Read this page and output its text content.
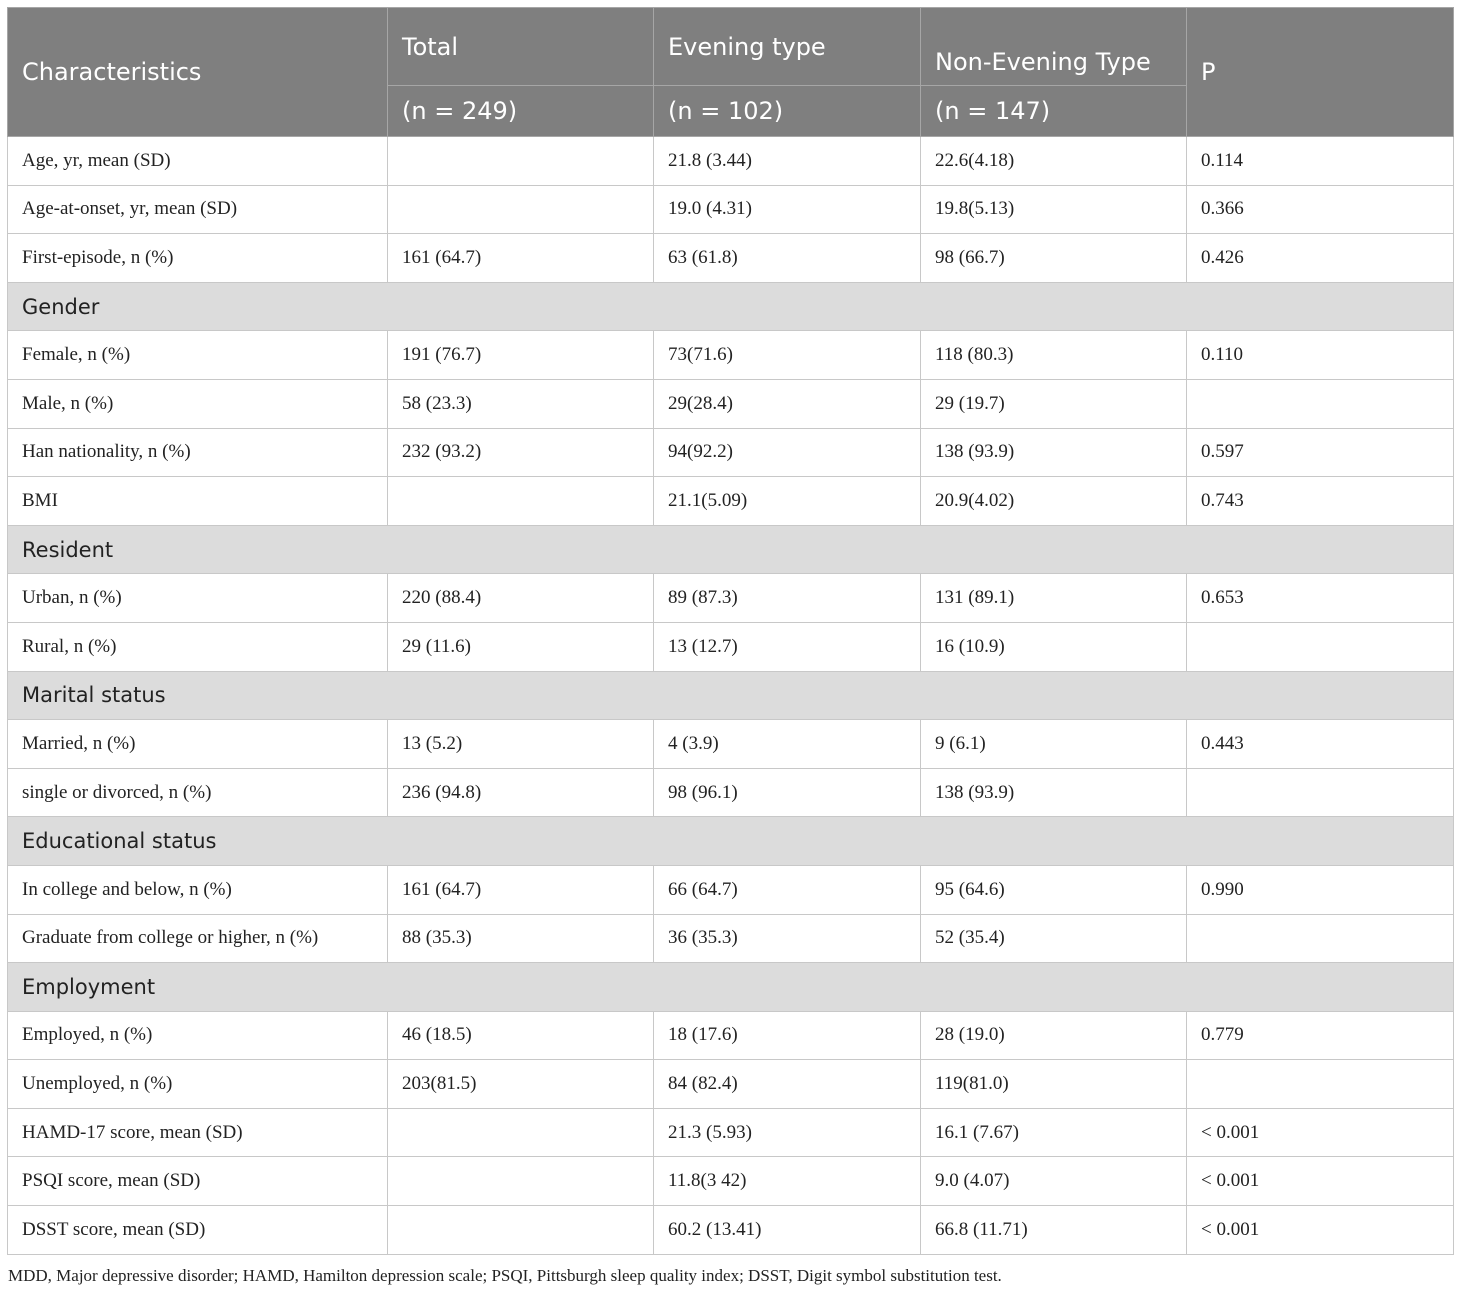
Characteristics	Total	Evening type	Non-Evening Type	P
	(n = 249)	(n = 102)	(n = 147)	
Age, yr, mean (SD)		21.8 (3.44)	22.6(4.18)	0.114
Age-at-onset, yr, mean (SD)		19.0 (4.31)	19.8(5.13)	0.366
First-episode, n (%)	161 (64.7)	63 (61.8)	98 (66.7)	0.426
Gender				
Female, n (%)	191 (76.7)	73(71.6)	118 (80.3)	0.110
Male, n (%)	58 (23.3)	29(28.4)	29 (19.7)	
Han nationality, n (%)	232 (93.2)	94(92.2)	138 (93.9)	0.597
BMI		21.1(5.09)	20.9(4.02)	0.743
Resident				
Urban, n (%)	220 (88.4)	89 (87.3)	131 (89.1)	0.653
Rural, n (%)	29 (11.6)	13 (12.7)	16 (10.9)	
Marital status				
Married, n (%)	13 (5.2)	4 (3.9)	9 (6.1)	0.443
single or divorced, n (%)	236 (94.8)	98 (96.1)	138 (93.9)	
Educational status				
In college and below, n (%)	161 (64.7)	66 (64.7)	95 (64.6)	0.990
Graduate from college or higher, n (%)	88 (35.3)	36 (35.3)	52 (35.4)	
Employment				
Employed, n (%)	46 (18.5)	18 (17.6)	28 (19.0)	0.779
Unemployed, n (%)	203(81.5)	84 (82.4)	119(81.0)	
HAMD-17 score, mean (SD)		21.3 (5.93)	16.1 (7.67)	< 0.001
PSQI score, mean (SD)		11.8(3 42)	9.0 (4.07)	< 0.001
DSST score, mean (SD)		60.2 (13.41)	66.8 (11.71)	< 0.001

MDD, Major depressive disorder; HAMD, Hamilton depression scale; PSQI, Pittsburgh sleep quality index; DSST, Digit symbol substitution test.
